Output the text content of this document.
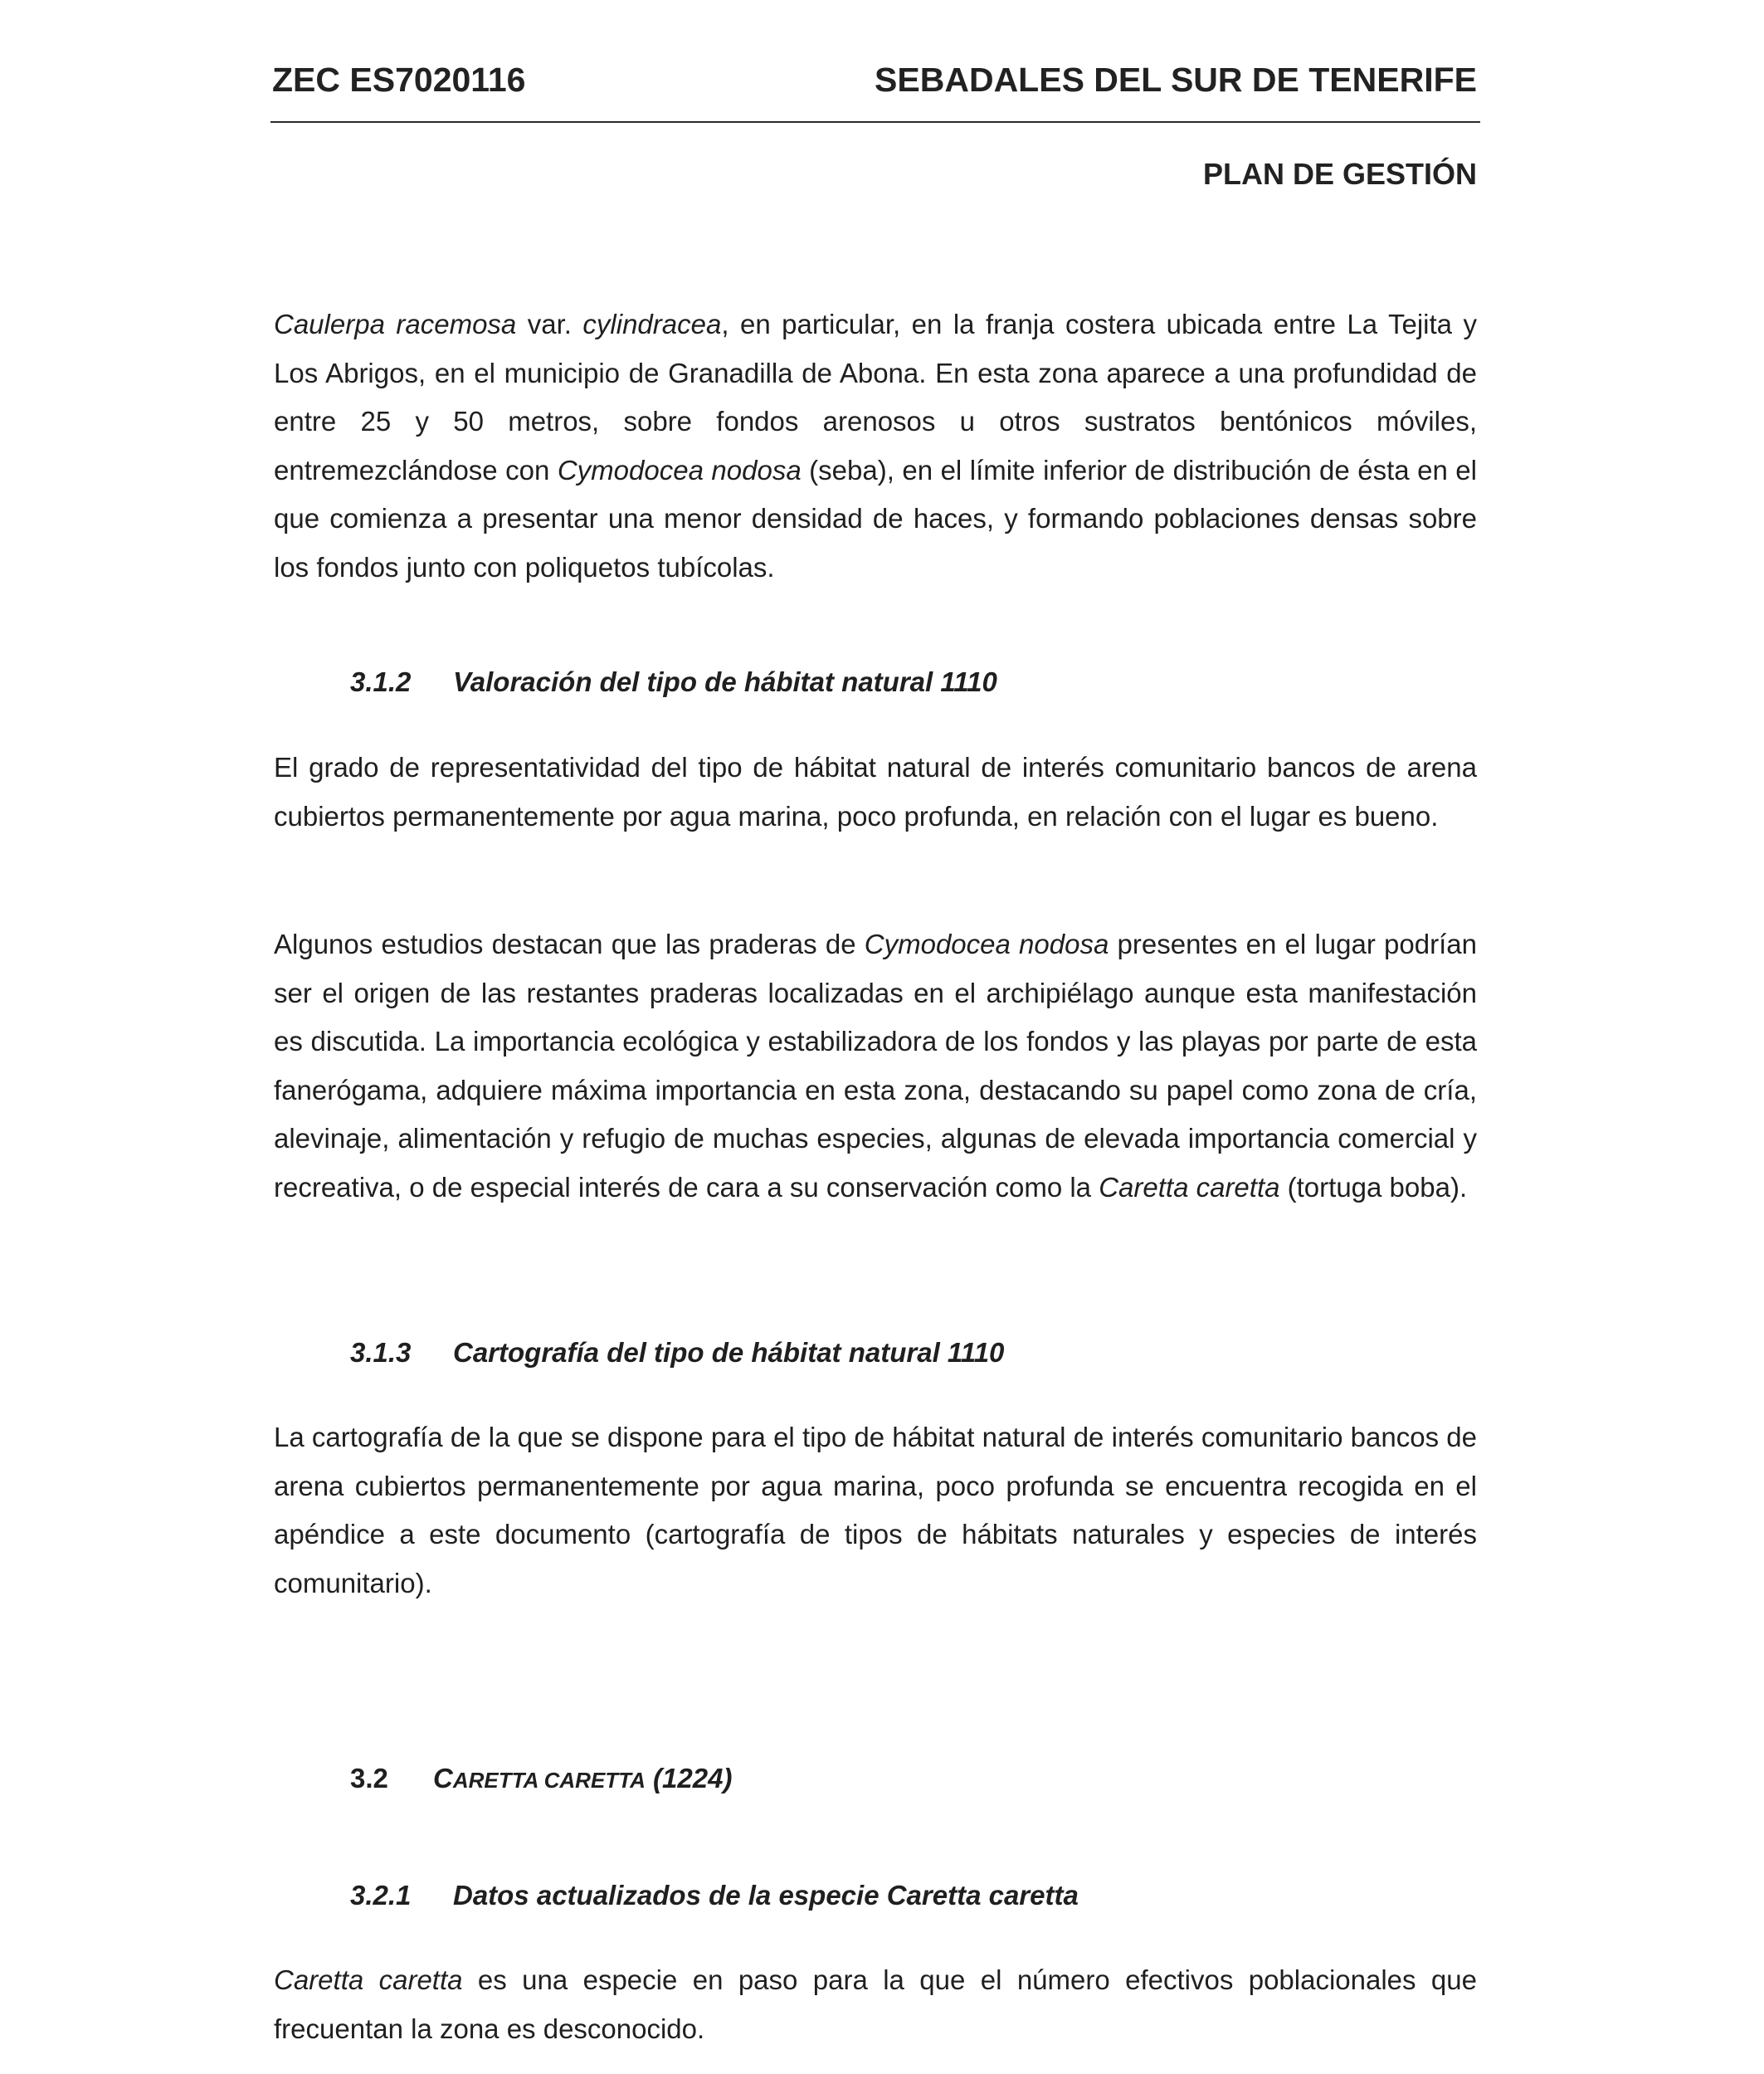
ZEC ES7020116	SEBADALES DEL SUR DE TENERIFE
PLAN DE GESTIÓN

Caulerpa racemosa var. cylindracea, en particular, en la franja costera ubicada entre La Tejita y Los Abrigos, en el municipio de Granadilla de Abona. En esta zona aparece a una profundidad de entre 25 y 50 metros, sobre fondos arenosos u otros sustratos bentónicos móviles, entremezclándose con Cymodocea nodosa (seba), en el límite inferior de distribución de ésta en el que comienza a presentar una menor densidad de haces, y formando poblaciones densas sobre los fondos junto con poliquetos tubícolas.

3.1.2 Valoración del tipo de hábitat natural 1110

El grado de representatividad del tipo de hábitat natural de interés comunitario bancos de arena cubiertos permanentemente por agua marina, poco profunda, en relación con el lugar es bueno.

Algunos estudios destacan que las praderas de Cymodocea nodosa presentes en el lugar podrían ser el origen de las restantes praderas localizadas en el archipiélago aunque esta manifestación es discutida. La importancia ecológica y estabilizadora de los fondos y las playas por parte de esta fanerógama, adquiere máxima importancia en esta zona, destacando su papel como zona de cría, alevinaje, alimentación y refugio de muchas especies, algunas de elevada importancia comercial y recreativa, o de especial interés de cara a su conservación como la Caretta caretta (tortuga boba).

3.1.3 Cartografía del tipo de hábitat natural 1110

La cartografía de la que se dispone para el tipo de hábitat natural de interés comunitario bancos de arena cubiertos permanentemente por agua marina, poco profunda se encuentra recogida en el apéndice a este documento (cartografía de tipos de hábitats naturales y especies de interés comunitario).

3.2 CARETTA CARETTA (1224)
3.2.1 Datos actualizados de la especie Caretta caretta

Caretta caretta es una especie en paso para la que el número efectivos poblacionales que frecuentan la zona es desconocido.
